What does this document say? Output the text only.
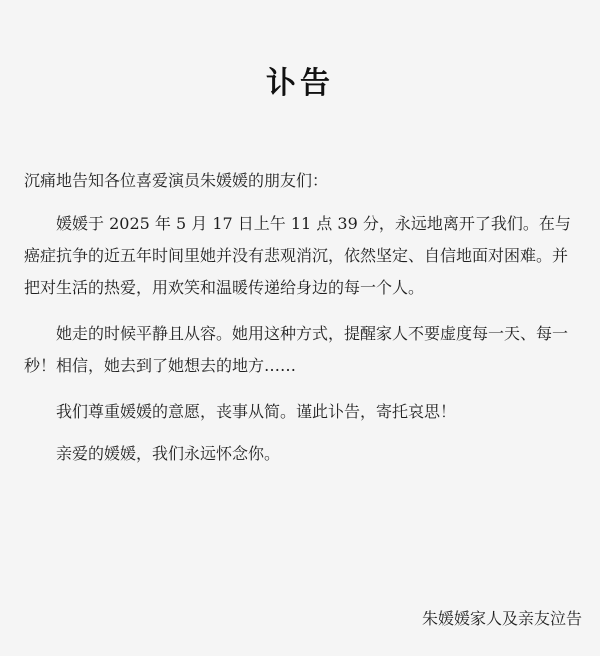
讣告
沉痛地告知各位喜爱演员朱媛媛的朋友们：

媛媛于 2025 年 5 月 17 日上午 11 点 39 分，永远地离开了我们。在与癌症抗争的近五年时间里她并没有悲观消沉，依然坚定、自信地面对困难。并把对生活的热爱，用欢笑和温暖传递给身边的每一个人。

她走的时候平静且从容。她用这种方式，提醒家人不要虚度每一天、每一秒！相信，她去到了她想去的地方……

我们尊重媛媛的意愿，丧事从简。谨此讣告，寄托哀思！

亲爱的媛媛，我们永远怀念你。

朱媛媛家人及亲友泣告
